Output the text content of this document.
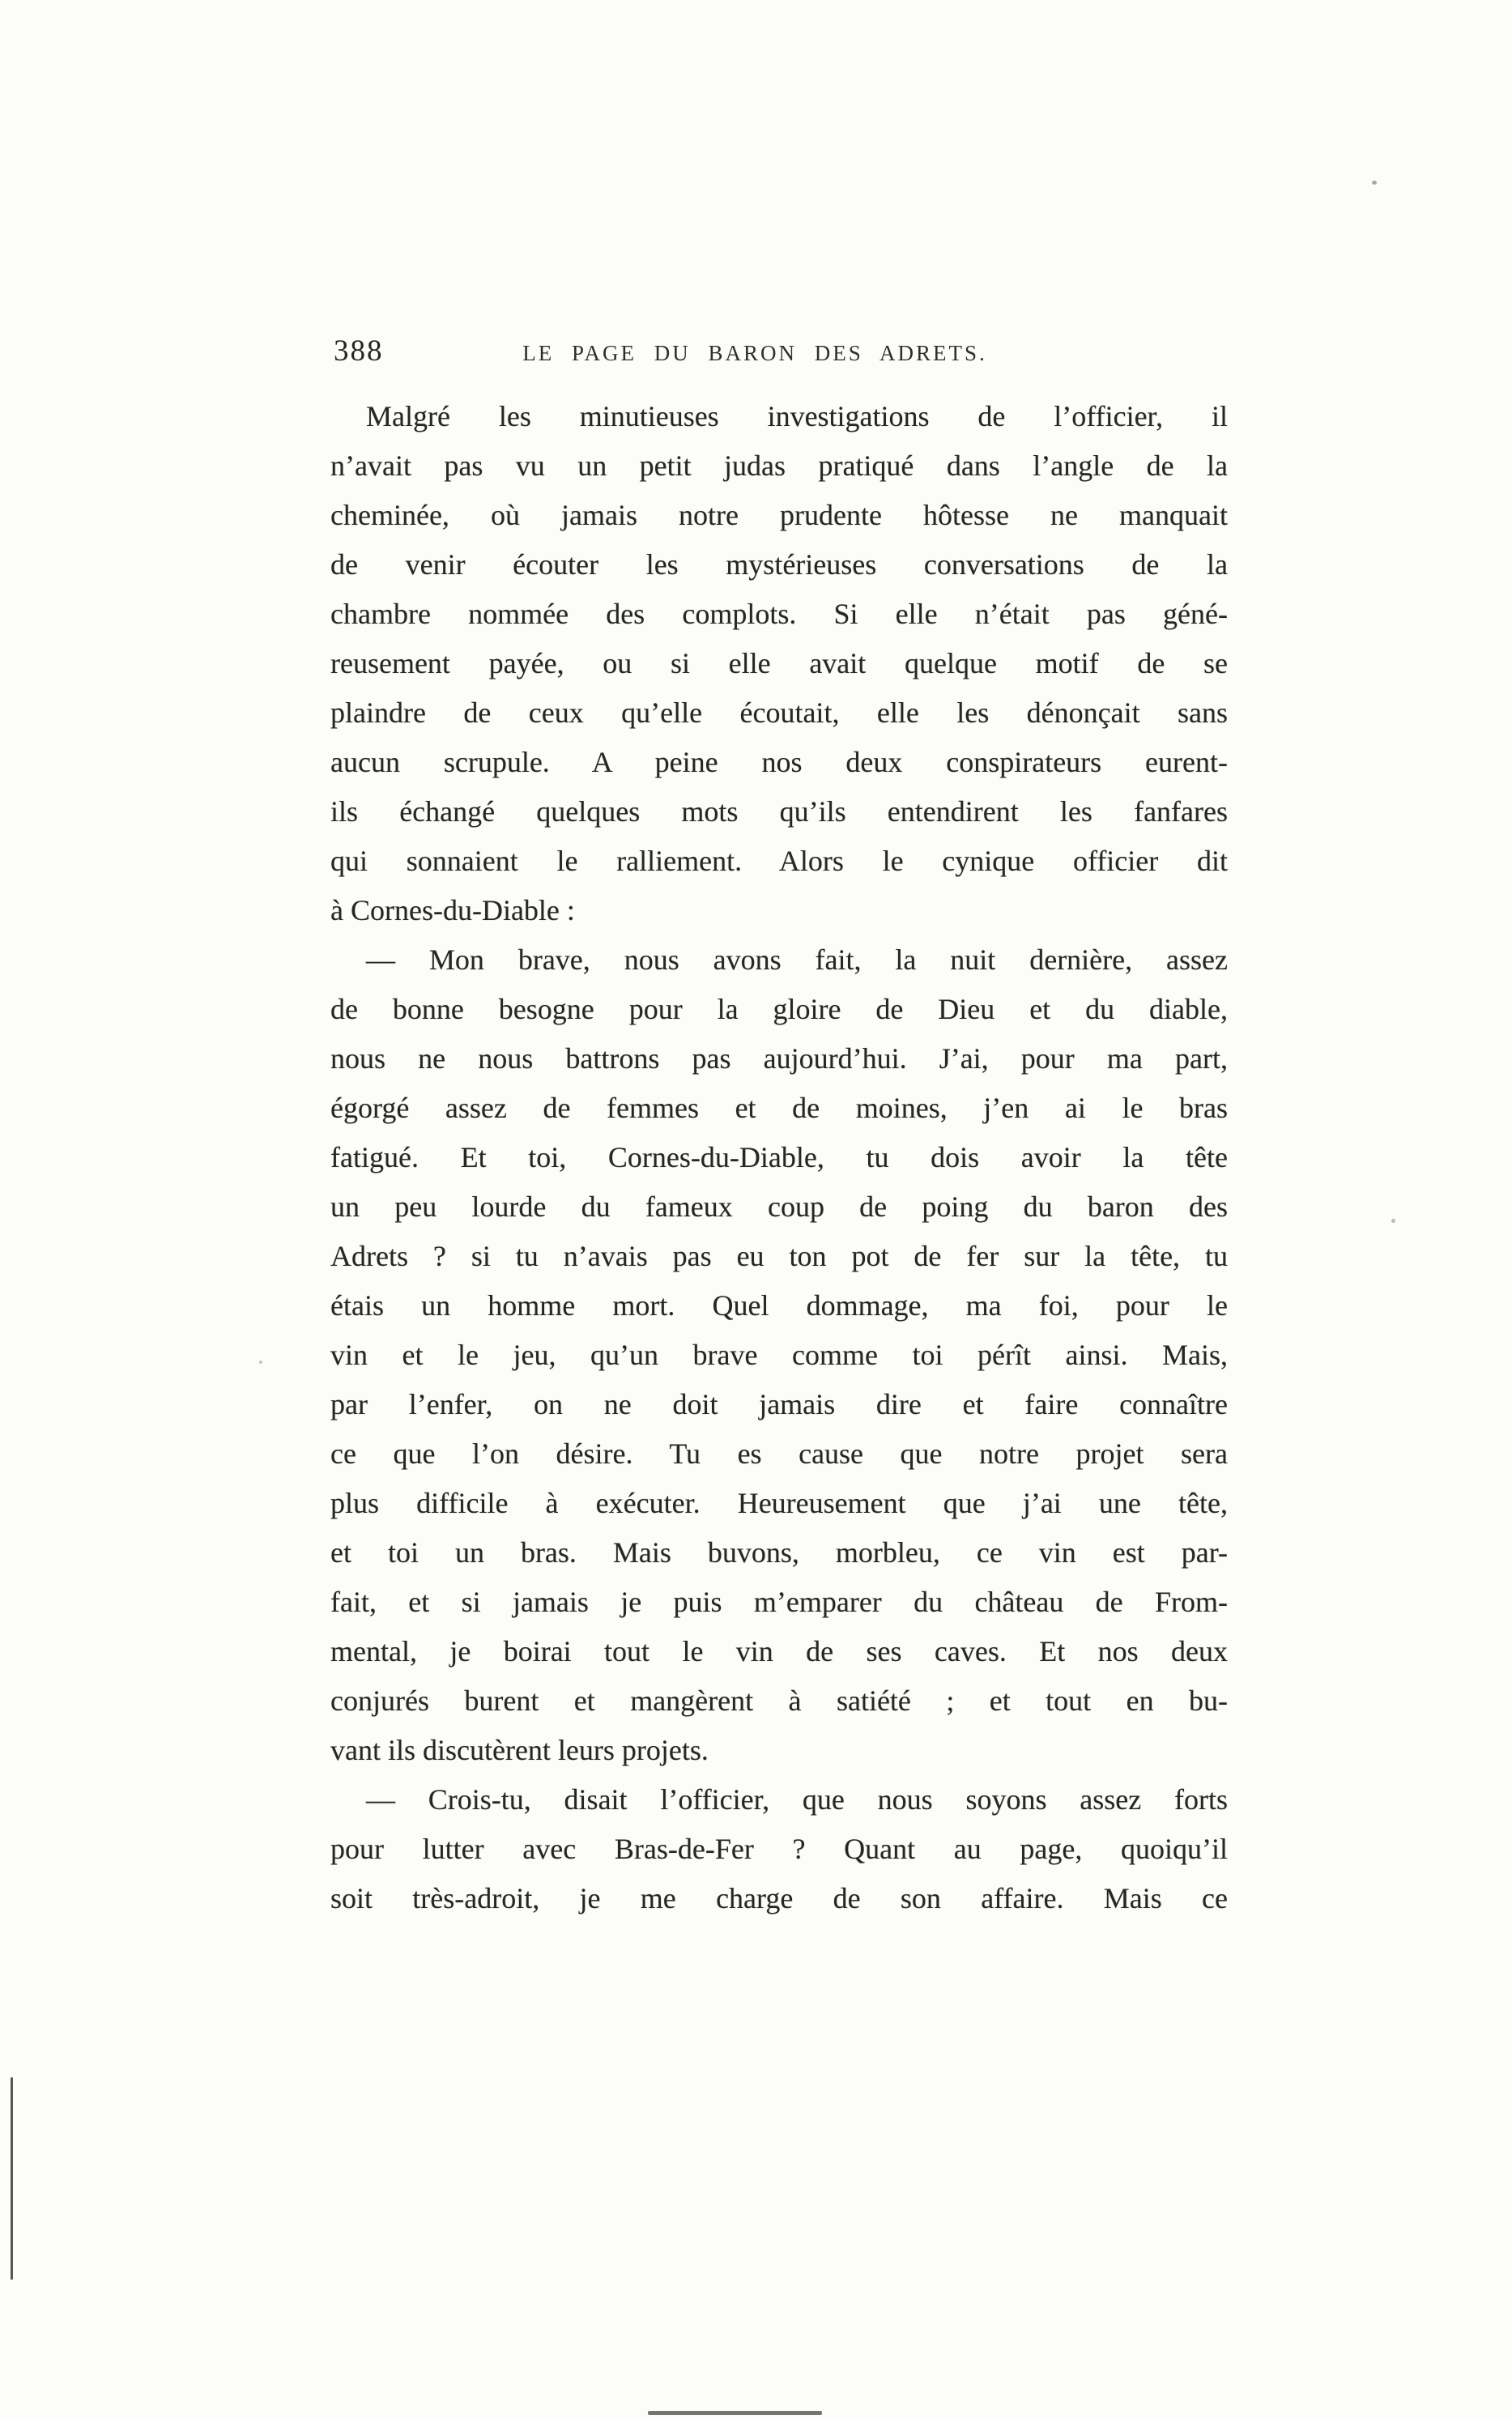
388	LE PAGE DU BARON DES ADRETS.
Malgré les minutieuses investigations de l’officier, il
n’avait pas vu un petit judas pratiqué dans l’angle de la
cheminée, où jamais notre prudente hôtesse ne manquait
de venir écouter les mystérieuses conversations de la
chambre nommée des complots. Si elle n’était pas géné-
reusement payée, ou si elle avait quelque motif de se
plaindre de ceux qu’elle écoutait, elle les dénonçait sans
aucun scrupule. A peine nos deux conspirateurs eurent-
ils échangé quelques mots qu’ils entendirent les fanfares
qui sonnaient le ralliement. Alors le cynique officier dit
à Cornes-du-Diable :
— Mon brave, nous avons fait, la nuit dernière, assez
de bonne besogne pour la gloire de Dieu et du diable,
nous ne nous battrons pas aujourd’hui. J’ai, pour ma part,
égorgé assez de femmes et de moines, j’en ai le bras
fatigué. Et toi, Cornes-du-Diable, tu dois avoir la tête
un peu lourde du fameux coup de poing du baron des
Adrets ? si tu n’avais pas eu ton pot de fer sur la tête, tu
étais un homme mort. Quel dommage, ma foi, pour le
vin et le jeu, qu’un brave comme toi pérît ainsi. Mais,
par l’enfer, on ne doit jamais dire et faire connaître
ce que l’on désire. Tu es cause que notre projet sera
plus difficile à exécuter. Heureusement que j’ai une tête,
et toi un bras. Mais buvons, morbleu, ce vin est par-
fait, et si jamais je puis m’emparer du château de From-
mental, je boirai tout le vin de ses caves. Et nos deux
conjurés burent et mangèrent à satiété ; et tout en bu-
vant ils discutèrent leurs projets.
— Crois-tu, disait l’officier, que nous soyons assez forts
pour lutter avec Bras-de-Fer ? Quant au page, quoiqu’il
soit très-adroit, je me charge de son affaire. Mais ce
